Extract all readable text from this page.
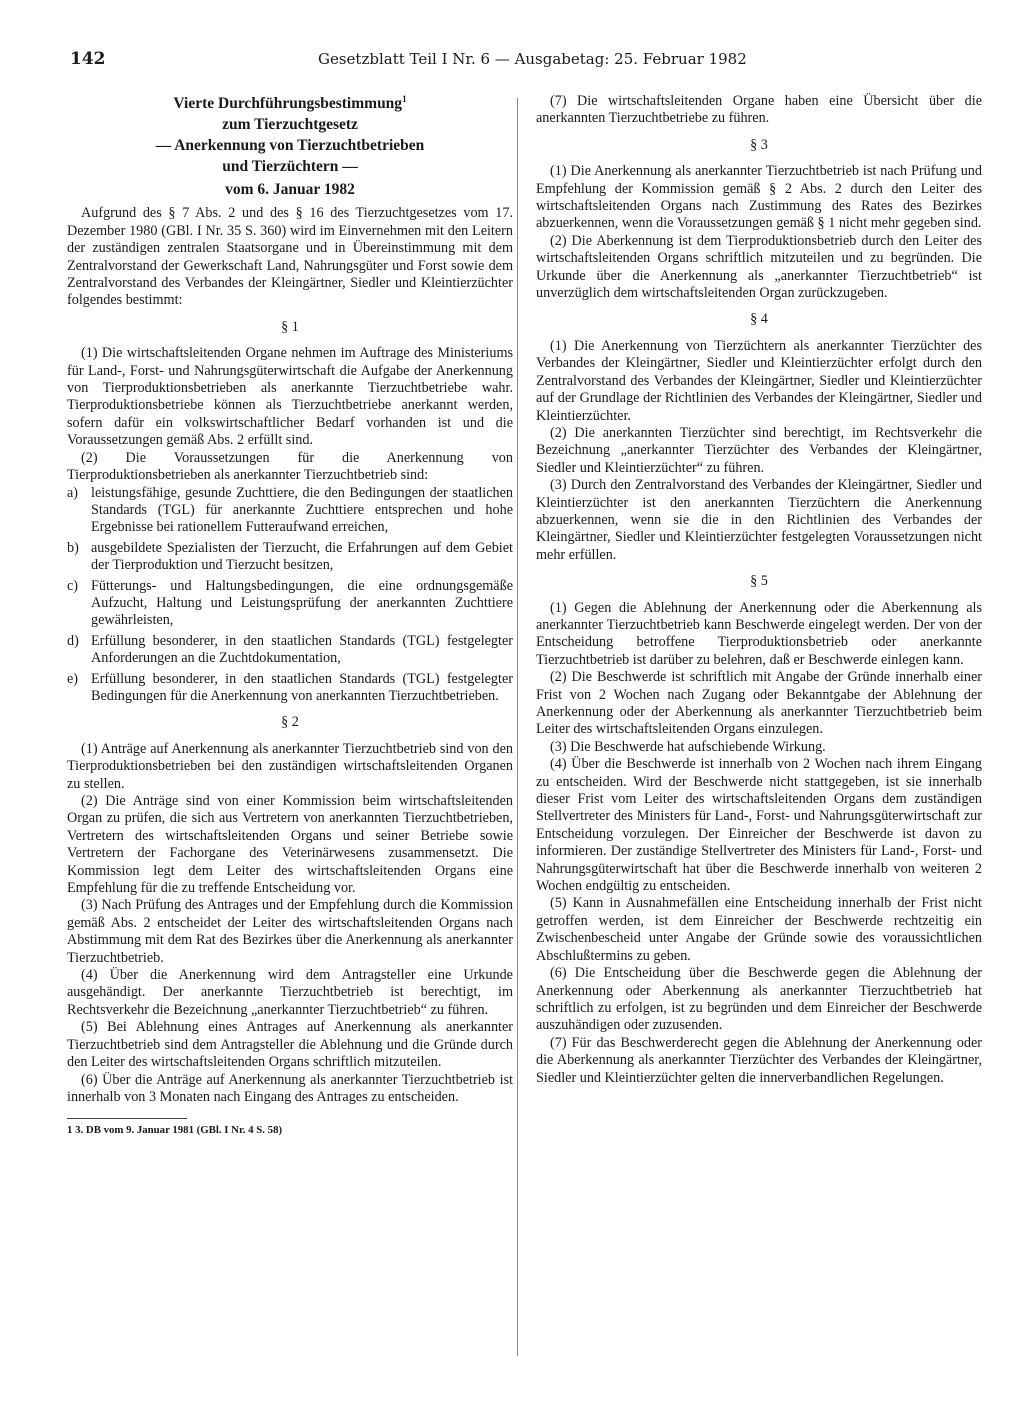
142	Gesetzblatt Teil I Nr. 6 — Ausgabetag: 25. Februar 1982
Vierte Durchführungsbestimmung$^1$
zum Tierzuchtgesetz
— Anerkennung von Tierzuchtbetrieben
und Tierzüchtern —
vom 6. Januar 1982

Aufgrund des § 7 Abs. 2 und des § 16 des Tierzuchtgesetzes vom 17. Dezember 1980 (GBl. I Nr. 35 S. 360) wird im Einvernehmen mit den Leitern der zuständigen zentralen Staatsorgane und in Übereinstimmung mit dem Zentralvorstand der Gewerkschaft Land, Nahrungsgüter und Forst sowie dem Zentralvorstand des Verbandes der Kleingärtner, Siedler und Kleintierzüchter folgendes bestimmt:

§ 1

(1) Die wirtschaftsleitenden Organe nehmen im Auftrage des Ministeriums für Land-, Forst- und Nahrungsgüterwirtschaft die Aufgabe der Anerkennung von Tierproduktionsbetrieben als anerkannte Tierzuchtbetriebe wahr. Tierproduktionsbetriebe können als Tierzuchtbetriebe anerkannt werden, sofern dafür ein volkswirtschaftlicher Bedarf vorhanden ist und die Voraussetzungen gemäß Abs. 2 erfüllt sind.

(2) Die Voraussetzungen für die Anerkennung von Tierproduktionsbetrieben als anerkannter Tierzuchtbetrieb sind:

a) leistungsfähige, gesunde Zuchttiere, die den Bedingungen der staatlichen Standards (TGL) für anerkannte Zuchttiere entsprechen und hohe Ergebnisse bei rationellem Futteraufwand erreichen,
b) ausgebildete Spezialisten der Tierzucht, die Erfahrungen auf dem Gebiet der Tierproduktion und Tierzucht besitzen,
c) Fütterungs- und Haltungsbedingungen, die eine ordnungsgemäße Aufzucht, Haltung und Leistungsprüfung der anerkannten Zuchttiere gewährleisten,
d) Erfüllung besonderer, in den staatlichen Standards (TGL) festgelegter Anforderungen an die Zuchtdokumentation,
e) Erfüllung besonderer, in den staatlichen Standards (TGL) festgelegter Bedingungen für die Anerkennung von anerkannten Tierzuchtbetrieben.
§ 2

(1) Anträge auf Anerkennung als anerkannter Tierzuchtbetrieb sind von den Tierproduktionsbetrieben bei den zuständigen wirtschaftsleitenden Organen zu stellen.

(2) Die Anträge sind von einer Kommission beim wirtschaftsleitenden Organ zu prüfen, die sich aus Vertretern von anerkannten Tierzuchtbetrieben, Vertretern des wirtschaftsleitenden Organs und seiner Betriebe sowie Vertretern der Fachorgane des Veterinärwesens zusammensetzt. Die Kommission legt dem Leiter des wirtschaftsleitenden Organs eine Empfehlung für die zu treffende Entscheidung vor.

(3) Nach Prüfung des Antrages und der Empfehlung durch die Kommission gemäß Abs. 2 entscheidet der Leiter des wirtschaftsleitenden Organs nach Abstimmung mit dem Rat des Bezirkes über die Anerkennung als anerkannter Tierzuchtbetrieb.

(4) Über die Anerkennung wird dem Antragsteller eine Urkunde ausgehändigt. Der anerkannte Tierzuchtbetrieb ist berechtigt, im Rechtsverkehr die Bezeichnung „anerkannter Tierzuchtbetrieb“ zu führen.

(5) Bei Ablehnung eines Antrages auf Anerkennung als anerkannter Tierzuchtbetrieb sind dem Antragsteller die Ablehnung und die Gründe durch den Leiter des wirtschaftsleitenden Organs schriftlich mitzuteilen.

(6) Über die Anträge auf Anerkennung als anerkannter Tierzuchtbetrieb ist innerhalb von 3 Monaten nach Eingang des Antrages zu entscheiden.

1 3. DB vom 9. Januar 1981 (GBl. I Nr. 4 S. 58)

(7) Die wirtschaftsleitenden Organe haben eine Übersicht über die anerkannten Tierzuchtbetriebe zu führen.

§ 3

(1) Die Anerkennung als anerkannter Tierzuchtbetrieb ist nach Prüfung und Empfehlung der Kommission gemäß § 2 Abs. 2 durch den Leiter des wirtschaftsleitenden Organs nach Zustimmung des Rates des Bezirkes abzuerkennen, wenn die Voraussetzungen gemäß § 1 nicht mehr gegeben sind.

(2) Die Aberkennung ist dem Tierproduktionsbetrieb durch den Leiter des wirtschaftsleitenden Organs schriftlich mitzuteilen und zu begründen. Die Urkunde über die Anerkennung als „anerkannter Tierzuchtbetrieb“ ist unverzüglich dem wirtschaftsleitenden Organ zurückzugeben.

§ 4

(1) Die Anerkennung von Tierzüchtern als anerkannter Tierzüchter des Verbandes der Kleingärtner, Siedler und Kleintierzüchter erfolgt durch den Zentralvorstand des Verbandes der Kleingärtner, Siedler und Kleintierzüchter auf der Grundlage der Richtlinien des Verbandes der Kleingärtner, Siedler und Kleintierzüchter.

(2) Die anerkannten Tierzüchter sind berechtigt, im Rechtsverkehr die Bezeichnung „anerkannter Tierzüchter des Verbandes der Kleingärtner, Siedler und Kleintierzüchter“ zu führen.

(3) Durch den Zentralvorstand des Verbandes der Kleingärtner, Siedler und Kleintierzüchter ist den anerkannten Tierzüchtern die Anerkennung abzuerkennen, wenn sie die in den Richtlinien des Verbandes der Kleingärtner, Siedler und Kleintierzüchter festgelegten Voraussetzungen nicht mehr erfüllen.

§ 5

(1) Gegen die Ablehnung der Anerkennung oder die Aberkennung als anerkannter Tierzuchtbetrieb kann Beschwerde eingelegt werden. Der von der Entscheidung betroffene Tierproduktionsbetrieb oder anerkannte Tierzuchtbetrieb ist darüber zu belehren, daß er Beschwerde einlegen kann.

(2) Die Beschwerde ist schriftlich mit Angabe der Gründe innerhalb einer Frist von 2 Wochen nach Zugang oder Bekanntgabe der Ablehnung der Anerkennung oder der Aberkennung als anerkannter Tierzuchtbetrieb beim Leiter des wirtschaftsleitenden Organs einzulegen.

(3) Die Beschwerde hat aufschiebende Wirkung.

(4) Über die Beschwerde ist innerhalb von 2 Wochen nach ihrem Eingang zu entscheiden. Wird der Beschwerde nicht stattgegeben, ist sie innerhalb dieser Frist vom Leiter des wirtschaftsleitenden Organs dem zuständigen Stellvertreter des Ministers für Land-, Forst- und Nahrungsgüterwirtschaft zur Entscheidung vorzulegen. Der Einreicher der Beschwerde ist davon zu informieren. Der zuständige Stellvertreter des Ministers für Land-, Forst- und Nahrungsgüterwirtschaft hat über die Beschwerde innerhalb von weiteren 2 Wochen endgültig zu entscheiden.

(5) Kann in Ausnahmefällen eine Entscheidung innerhalb der Frist nicht getroffen werden, ist dem Einreicher der Beschwerde rechtzeitig ein Zwischenbescheid unter Angabe der Gründe sowie des voraussichtlichen Abschlußtermins zu geben.

(6) Die Entscheidung über die Beschwerde gegen die Ablehnung der Anerkennung oder Aberkennung als anerkannter Tierzuchtbetrieb hat schriftlich zu erfolgen, ist zu begründen und dem Einreicher der Beschwerde auszuhändigen oder zuzusenden.

(7) Für das Beschwerderecht gegen die Ablehnung der Anerkennung oder die Aberkennung als anerkannter Tierzüchter des Verbandes der Kleingärtner, Siedler und Kleintierzüchter gelten die innerverbandlichen Regelungen.
